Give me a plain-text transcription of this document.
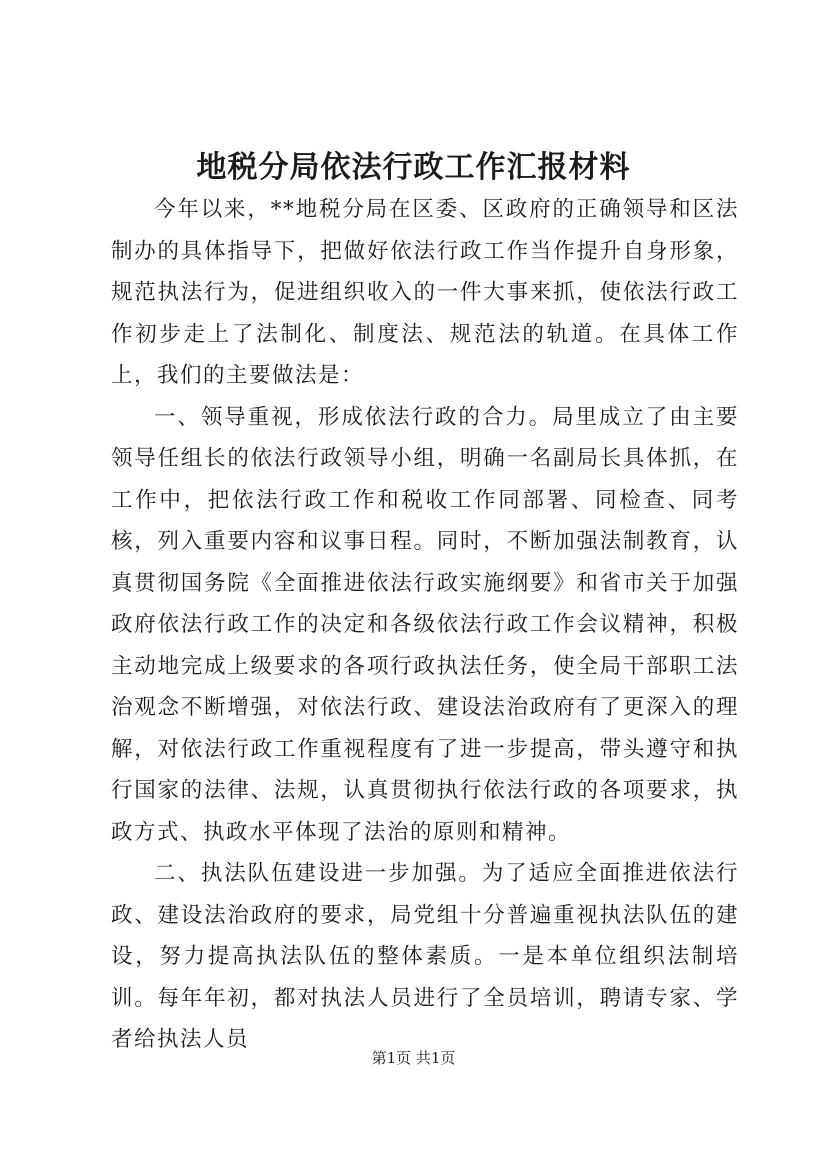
地税分局依法行政工作汇报材料

今年以来，**地税分局在区委、区政府的正确领导和区法制办的具体指导下，把做好依法行政工作当作提升自身形象，规范执法行为，促进组织收入的一件大事来抓，使依法行政工作初步走上了法制化、制度法、规范法的轨道。在具体工作上，我们的主要做法是：

一、领导重视，形成依法行政的合力。局里成立了由主要领导任组长的依法行政领导小组，明确一名副局长具体抓，在工作中，把依法行政工作和税收工作同部署、同检查、同考核，列入重要内容和议事日程。同时，不断加强法制教育，认真贯彻国务院《全面推进依法行政实施纲要》和省市关于加强政府依法行政工作的决定和各级依法行政工作会议精神，积极主动地完成上级要求的各项行政执法任务，使全局干部职工法治观念不断增强，对依法行政、建设法治政府有了更深入的理解，对依法行政工作重视程度有了进一步提高，带头遵守和执行国家的法律、法规，认真贯彻执行依法行政的各项要求，执政方式、执政水平体现了法治的原则和精神。

二、执法队伍建设进一步加强。为了适应全面推进依法行政、建设法治政府的要求，局党组十分普遍重视执法队伍的建设，努力提高执法队伍的整体素质。一是本单位组织法制培训。每年年初，都对执法人员进行了全员培训，聘请专家、学者给执法人员

第1页 共1页
